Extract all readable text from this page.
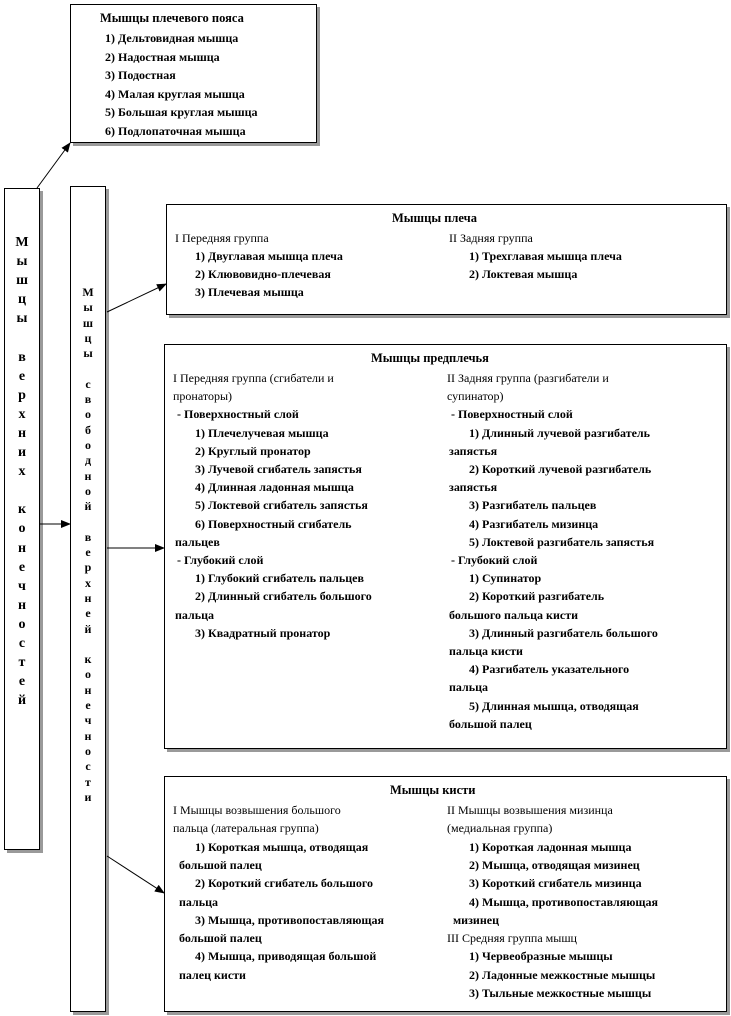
М
ы
ш
ц
ы

в
е
р
х
н
и
х

к
о
н
е
ч
н
о
с
т
е
й
М
ы
ш
ц
ы

с
в
о
б
о
д
н
о
й

в
е
р
х
н
е
й

к
о
н
е
ч
н
о
с
т
и
Мышцы плечевого пояса
1) Дельтовидная мышца
2) Надостная мышца
3) Подостная
4) Малая круглая мышца
5) Большая круглая мышца
6) Подлопаточная мышца
Мышцы плеча
I Передняя группа	II Задняя группа
1) Двуглавая мышца плеча
2) Клювовидно-плечевая
3) Плечевая мышца
1) Трехглавая мышца плеча
2) Локтевая мышца
Мышцы предплечья
I Передняя группа (сгибатели и
пронаторы)
- Поверхностный слой
1) Плечелучевая мышца
2) Круглый пронатор
3) Лучевой сгибатель запястья
4) Длинная ладонная мышца
5) Локтевой сгибатель запястья
6) Поверхностный сгибатель
пальцев
- Глубокий слой
1) Глубокий сгибатель пальцев
2) Длинный сгибатель большого
пальца
3) Квадратный пронатор
II Задняя группа (разгибатели и
супинатор)
- Поверхностный слой
1) Длинный лучевой разгибатель
запястья
2) Короткий лучевой разгибатель
запястья
3) Разгибатель пальцев
4) Разгибатель мизинца
5) Локтевой разгибатель запястья
- Глубокий слой
1) Супинатор
2) Короткий разгибатель
большого пальца кисти
3) Длинный разгибатель большого
пальца кисти
4) Разгибатель указательного
пальца
5) Длинная мышца, отводящая
большой палец
Мышцы кисти
I Мышцы возвышения большого
пальца (латеральная группа)
1) Короткая мышца, отводящая
большой палец
2) Короткий сгибатель большого
пальца
3) Мышца, противопоставляющая
большой палец
4) Мышца, приводящая большой
палец кисти
II Мышцы возвышения мизинца
(медиальная группа)
1) Короткая ладонная мышца
2) Мышца, отводящая мизинец
3) Короткий сгибатель мизинца
4) Мышца, противопоставляющая
мизинец
III Средняя группа мышц
1) Червеобразные мышцы
2) Ладонные межкостные мышцы
3) Тыльные межкостные мышцы
